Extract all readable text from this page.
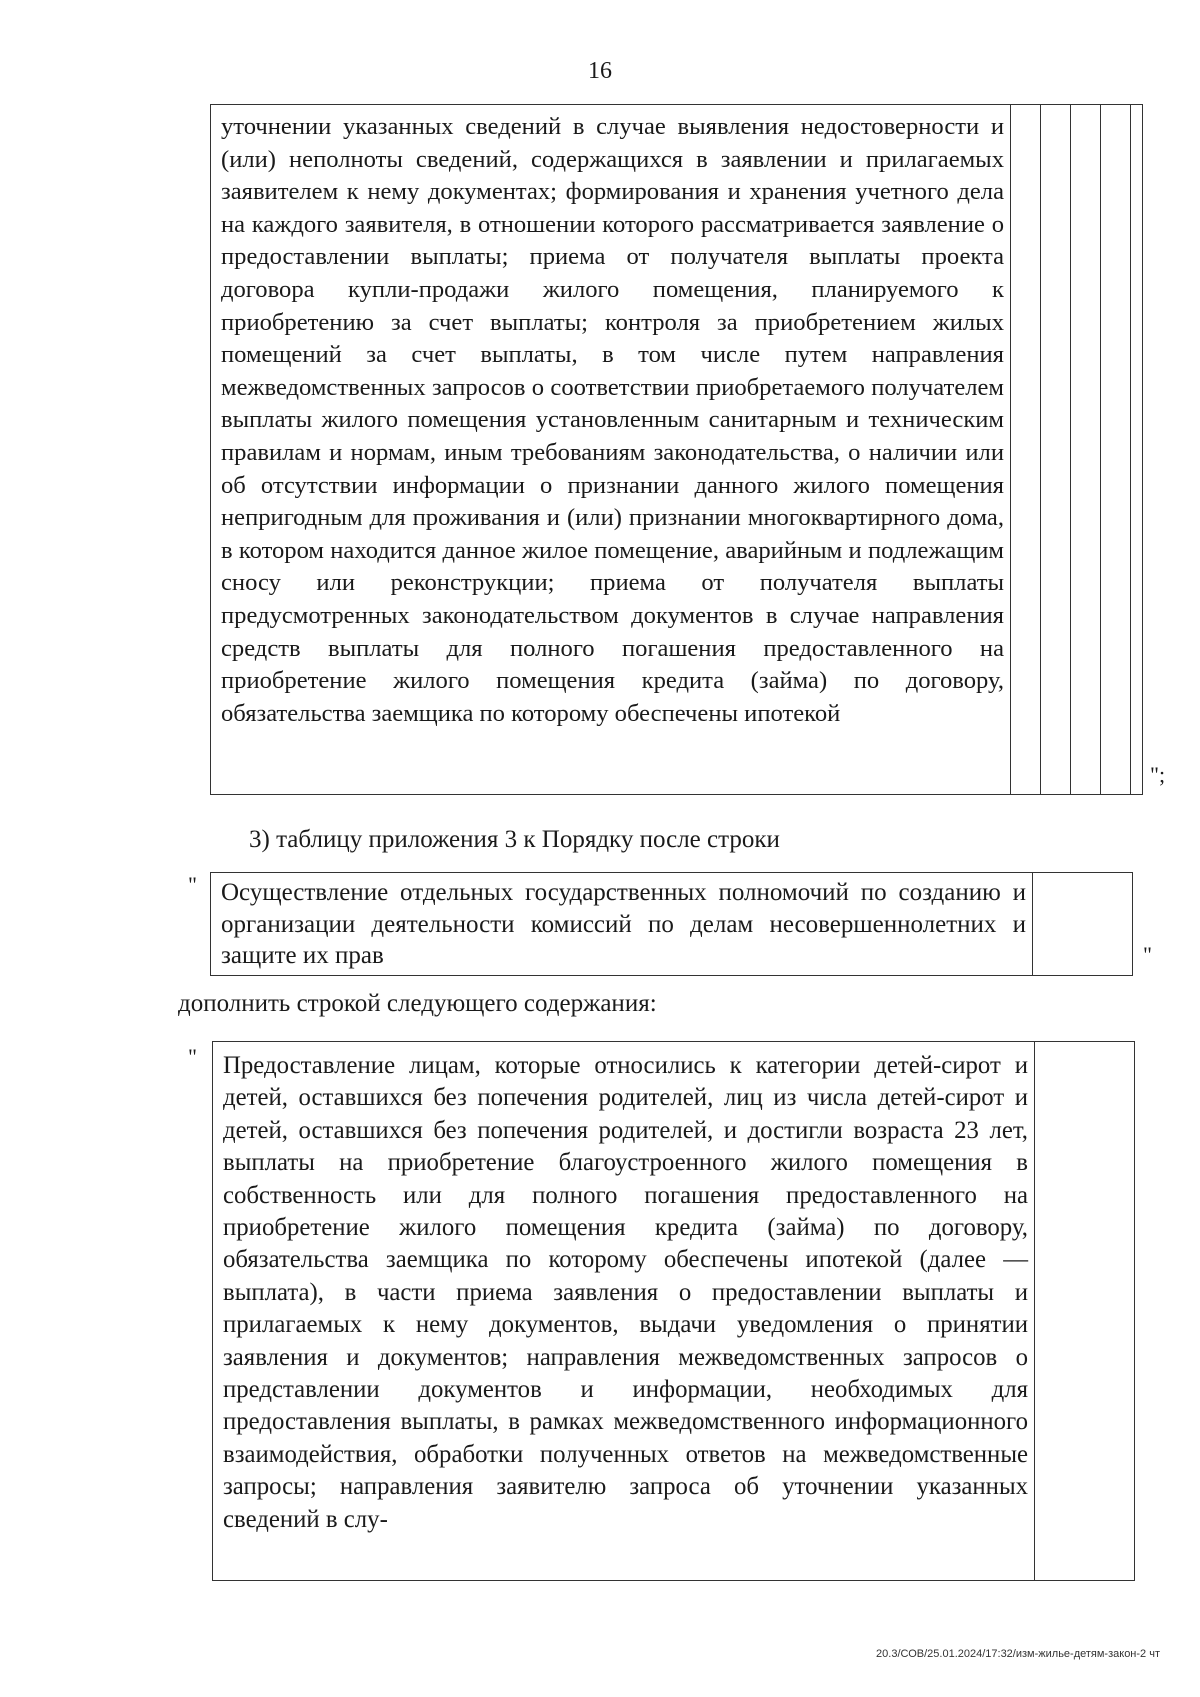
16

уточнении указанных сведений в случае выявления недостоверности и (или) неполноты сведений, содержащихся в заявлении и прилагаемых заявителем к нему документах; формирования и хранения учетного дела на каждого заявителя, в отношении которого рассматривается заявление о предоставлении выплаты; приема от получателя выплаты проекта договора купли-продажи жилого помещения, планируемого к приобретению за счет выплаты; контроля за приобретением жилых помещений за счет выплаты, в том числе путем направления межведомственных запросов о соответствии приобретаемого получателем выплаты жилого помещения установленным санитарным и техническим правилам и нормам, иным требованиям законодательства, о наличии или об отсутствии информации о признании данного жилого помещения непригодным для проживания и (или) признании многоквартирного дома, в котором находится данное жилое помещение, аварийным и подлежащим сносу или реконструкции; приема от получателя выплаты предусмотренных законодательством документов в случае направления средств выплаты для полного погашения предоставленного на приобретение жилого помещения кредита (займа) по договору, обязательства заемщика по которому обеспечены ипотекой

";
3) таблицу приложения 3 к Порядку после строки
" Осуществление отдельных государственных полномочий по созданию и организации деятельности комиссий по делам несовершеннолетних и защите их прав

		"
дополнить строкой следующего содержания:
" Предоставление лицам, которые относились к категории детей-сирот и детей, оставшихся без попечения родителей, лиц из числа детей-сирот и детей, оставшихся без попечения родителей, и достигли возраста 23 лет, выплаты на приобретение благоустроенного жилого помещения в собственность или для полного погашения предоставленного на приобретение жилого помещения кредита (займа) по договору, обязательства заемщика по которому обеспечены ипотекой (далее — выплата), в части приема заявления о предоставлении выплаты и прилагаемых к нему документов, выдачи уведомления о принятии заявления и документов; направления межведомственных запросов о представлении документов и информации, необходимых для предоставления выплаты, в рамках межведомственного информационного взаимодействия, обработки полученных ответов на межведомственные запросы; направления заявителю запроса об уточнении указанных сведений в слу-

20.3/СОВ/25.01.2024/17:32/изм-жилье-детям-закон-2 чт
